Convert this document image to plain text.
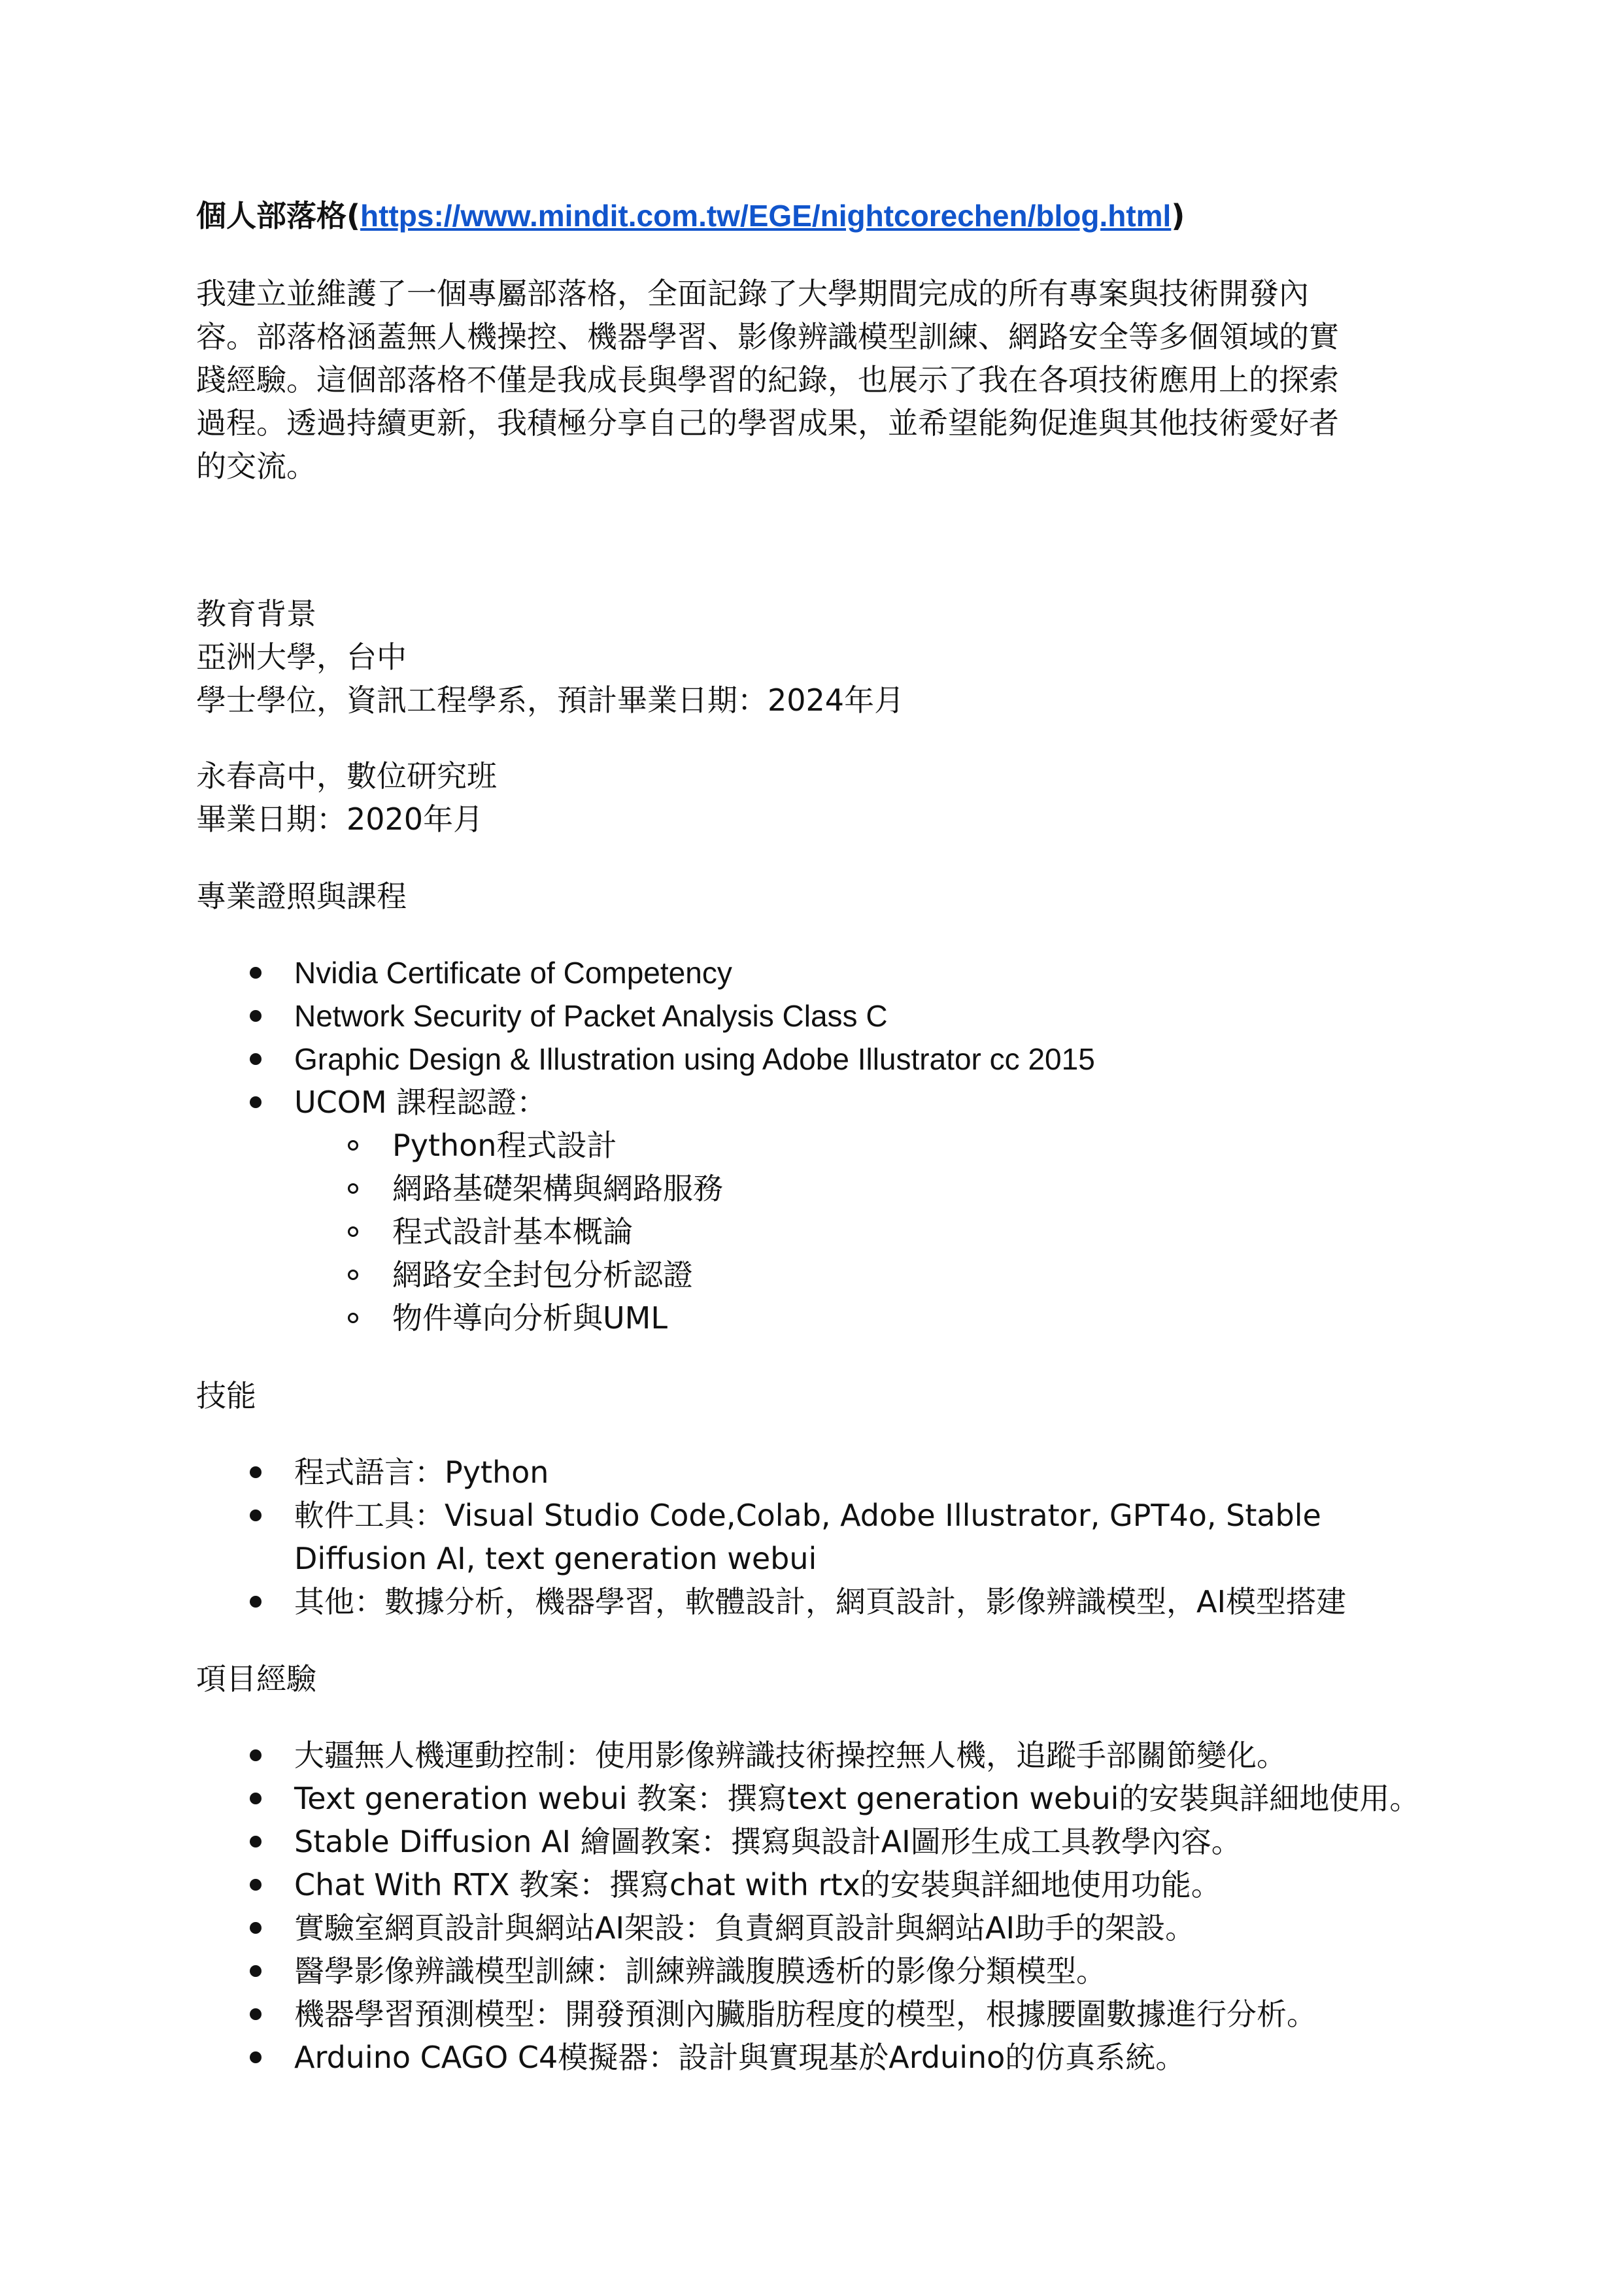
個人部落格(https://www.mindit.com.tw/EGE/nightcorechen/blog.html)
我建立並維護了一個專屬部落格，全面記錄了大學期間完成的所有專案與技術開發內
容。部落格涵蓋無人機操控、機器學習、影像辨識模型訓練、網路安全等多個領域的實
踐經驗。這個部落格不僅是我成長與學習的紀錄，也展示了我在各項技術應用上的探索
過程。透過持續更新，我積極分享自己的學習成果，並希望能夠促進與其他技術愛好者
的交流。
教育背景
亞洲大學，台中
學士學位，資訊工程學系，預計畢業日期：2024年月
永春高中，數位研究班
畢業日期：2020年月
專業證照與課程
Nvidia Certificate of Competency
Network Security of Packet Analysis Class C
Graphic Design & Illustration using Adobe Illustrator cc 2015
UCOM 課程認證：
Python程式設計
網路基礎架構與網路服務
程式設計基本概論
網路安全封包分析認證
物件導向分析與UML
技能
程式語言：Python
軟件工具：Visual Studio Code,Colab, Adobe Illustrator, GPT4o, Stable
Diffusion AI, text generation webui
其他：數據分析，機器學習，軟體設計，網頁設計，影像辨識模型，AI模型搭建
項目經驗
大疆無人機運動控制：使用影像辨識技術操控無人機，追蹤手部關節變化。
Text generation webui 教案：撰寫text generation webui的安裝與詳細地使用。
Stable Diffusion AI 繪圖教案：撰寫與設計AI圖形生成工具教學內容。
Chat With RTX 教案：撰寫chat with rtx的安裝與詳細地使用功能。
實驗室網頁設計與網站AI架設：負責網頁設計與網站AI助手的架設。
醫學影像辨識模型訓練：訓練辨識腹膜透析的影像分類模型。
機器學習預測模型：開發預測內臟脂肪程度的模型，根據腰圍數據進行分析。
Arduino CAGO C4模擬器：設計與實現基於Arduino的仿真系統。
